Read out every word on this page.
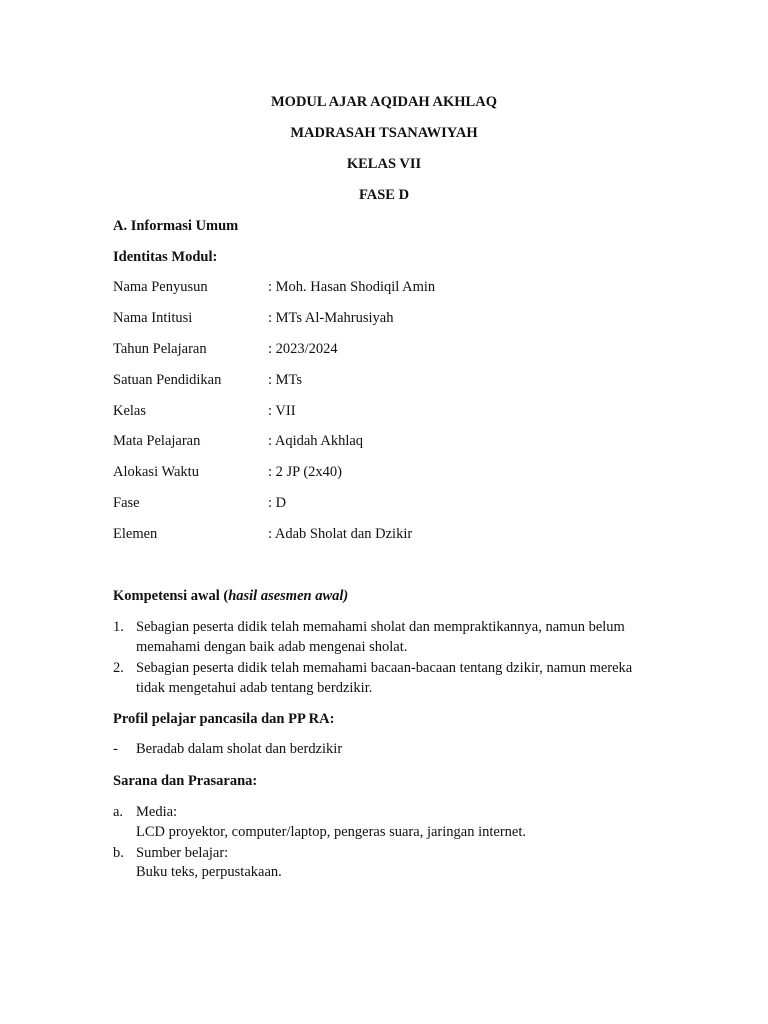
MODUL AJAR AQIDAH AKHLAQ
MADRASAH TSANAWIYAH
KELAS VII
FASE D
A. Informasi Umum
Identitas Modul:
Nama Penyusun	: Moh. Hasan Shodiqil Amin
Nama Intitusi	: MTs Al-Mahrusiyah
Tahun Pelajaran	: 2023/2024
Satuan Pendidikan	: MTs
Kelas	: VII
Mata Pelajaran	: Aqidah Akhlaq
Alokasi Waktu	: 2 JP (2x40)
Fase	: D
Elemen	: Adab Sholat dan Dzikir
Kompetensi awal (hasil asesmen awal)
1. Sebagian peserta didik telah memahami sholat dan mempraktikannya, namun belum
memahami dengan baik adab mengenai sholat.
2. Sebagian peserta didik telah memahami bacaan-bacaan tentang dzikir, namun mereka
tidak mengetahui adab tentang berdzikir.
Profil pelajar pancasila dan PP RA:
- Beradab dalam sholat dan berdzikir
Sarana dan Prasarana:
a. Media:
LCD proyektor, computer/laptop, pengeras suara, jaringan internet.
b. Sumber belajar:
Buku teks, perpustakaan.
